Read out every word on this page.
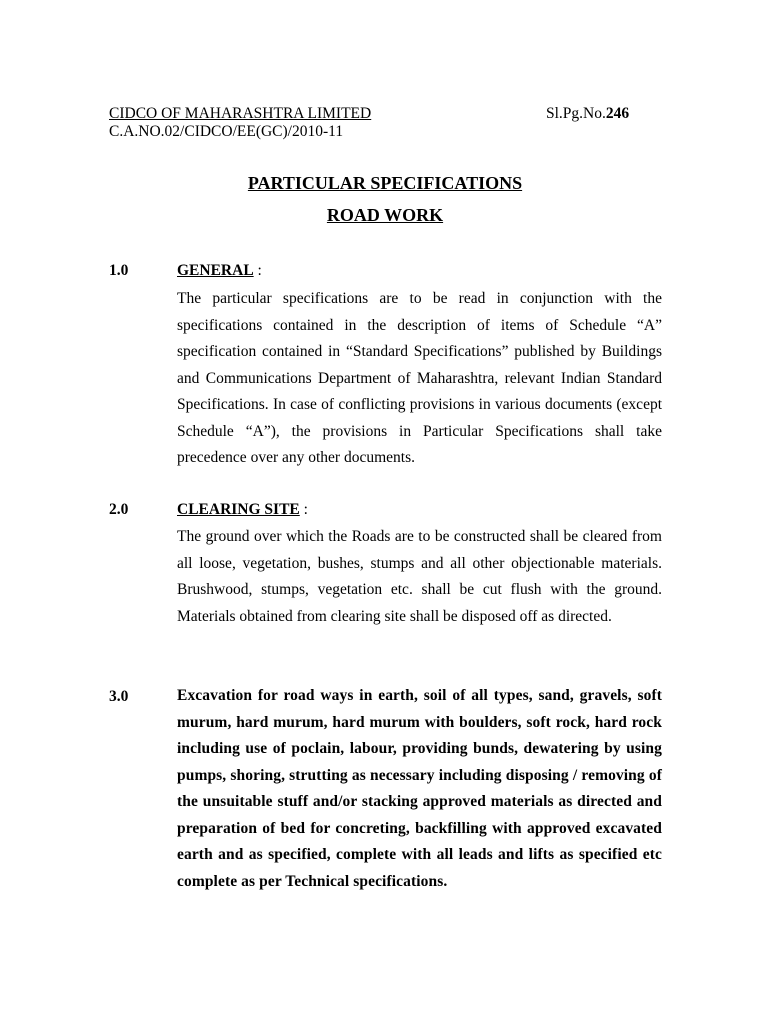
CIDCO OF MAHARASHTRA LIMITED
C.A.NO.02/CIDCO/EE(GC)/2010-11
Sl.Pg.No.246
PARTICULAR SPECIFICATIONS
ROAD WORK
1.0	GENERAL :
The particular specifications are to be read in conjunction with the specifications contained in the description of items of Schedule “A” specification contained in “Standard Specifications” published by Buildings and Communications Department of Maharashtra, relevant Indian Standard Specifications. In case of conflicting provisions in various documents (except Schedule “A”), the provisions in Particular Specifications shall take precedence over any other documents.
2.0	CLEARING SITE :
The ground over which the Roads are to be constructed shall be cleared from all loose, vegetation, bushes, stumps and all other objectionable materials. Brushwood, stumps, vegetation etc. shall be cut flush with the ground. Materials obtained from clearing site shall be disposed off as directed.
3.0	Excavation for road ways in earth, soil of all types, sand, gravels, soft murum, hard murum, hard murum with boulders, soft rock, hard rock including use of poclain, labour, providing bunds, dewatering by using pumps, shoring, strutting as necessary including disposing / removing of the unsuitable stuff and/or stacking approved materials as directed and preparation of bed for concreting, backfilling with approved excavated earth and as specified, complete with all leads and lifts as specified etc complete as per Technical specifications.
